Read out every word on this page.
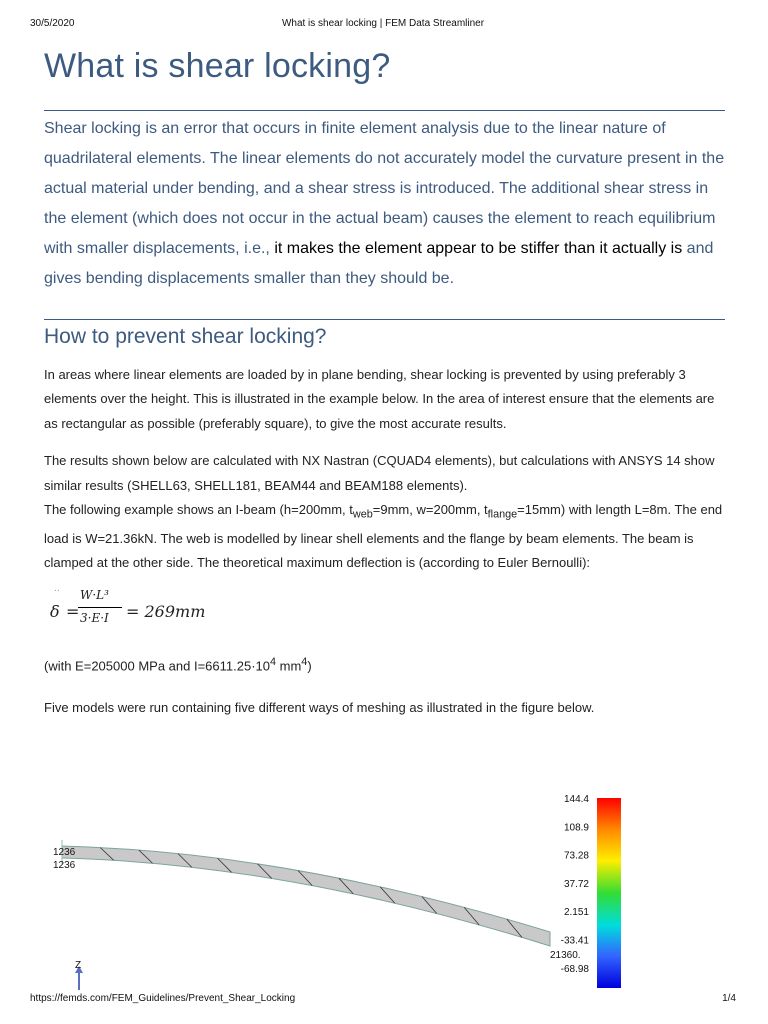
30/5/2020	What is shear locking | FEM Data Streamliner
What is shear locking?

Shear locking is an error that occurs in finite element analysis due to the linear nature of quadrilateral elements. The linear elements do not accurately model the curvature present in the actual material under bending, and a shear stress is introduced. The additional shear stress in the element (which does not occur in the actual beam) causes the element to reach equilibrium with smaller displacements, i.e., it makes the element appear to be stiffer than it actually is and gives bending displacements smaller than they should be.

How to prevent shear locking?

In areas where linear elements are loaded by in plane bending, shear locking is prevented by using preferably 3 elements over the height. This is illustrated in the example below. In the area of interest ensure that the elements are as rectangular as possible (preferably square), to give the most accurate results.

The results shown below are calculated with NX Nastran (CQUAD4 elements), but calculations with ANSYS 14 show similar results (SHELL63, SHELL181, BEAM44 and BEAM188 elements).
The following example shows an I-beam (h=200mm, $t_{web}=9mm$, w=200mm, $t_{flange}=15mm$) with length L=8m. The end load is W=21.36kN. The web is modelled by linear shell elements and the flange by beam elements. The beam is clamped at the other side. The theoretical maximum deflection is (according to Euler Bernoulli):

..
δ =
W·L³
3·E·I = 269mm

(with E=205000 MPa and $I=6611.25\cdot 10^4$ $mm^4$)

Five models were run containing five different ways of meshing as illustrated in the figure below.

1236
1236
21360.
Z
144.4
108.9
73.28
37.72
2.151
-33.41
-68.98
https://femds.com/FEM_Guidelines/Prevent_Shear_Locking	1/4
